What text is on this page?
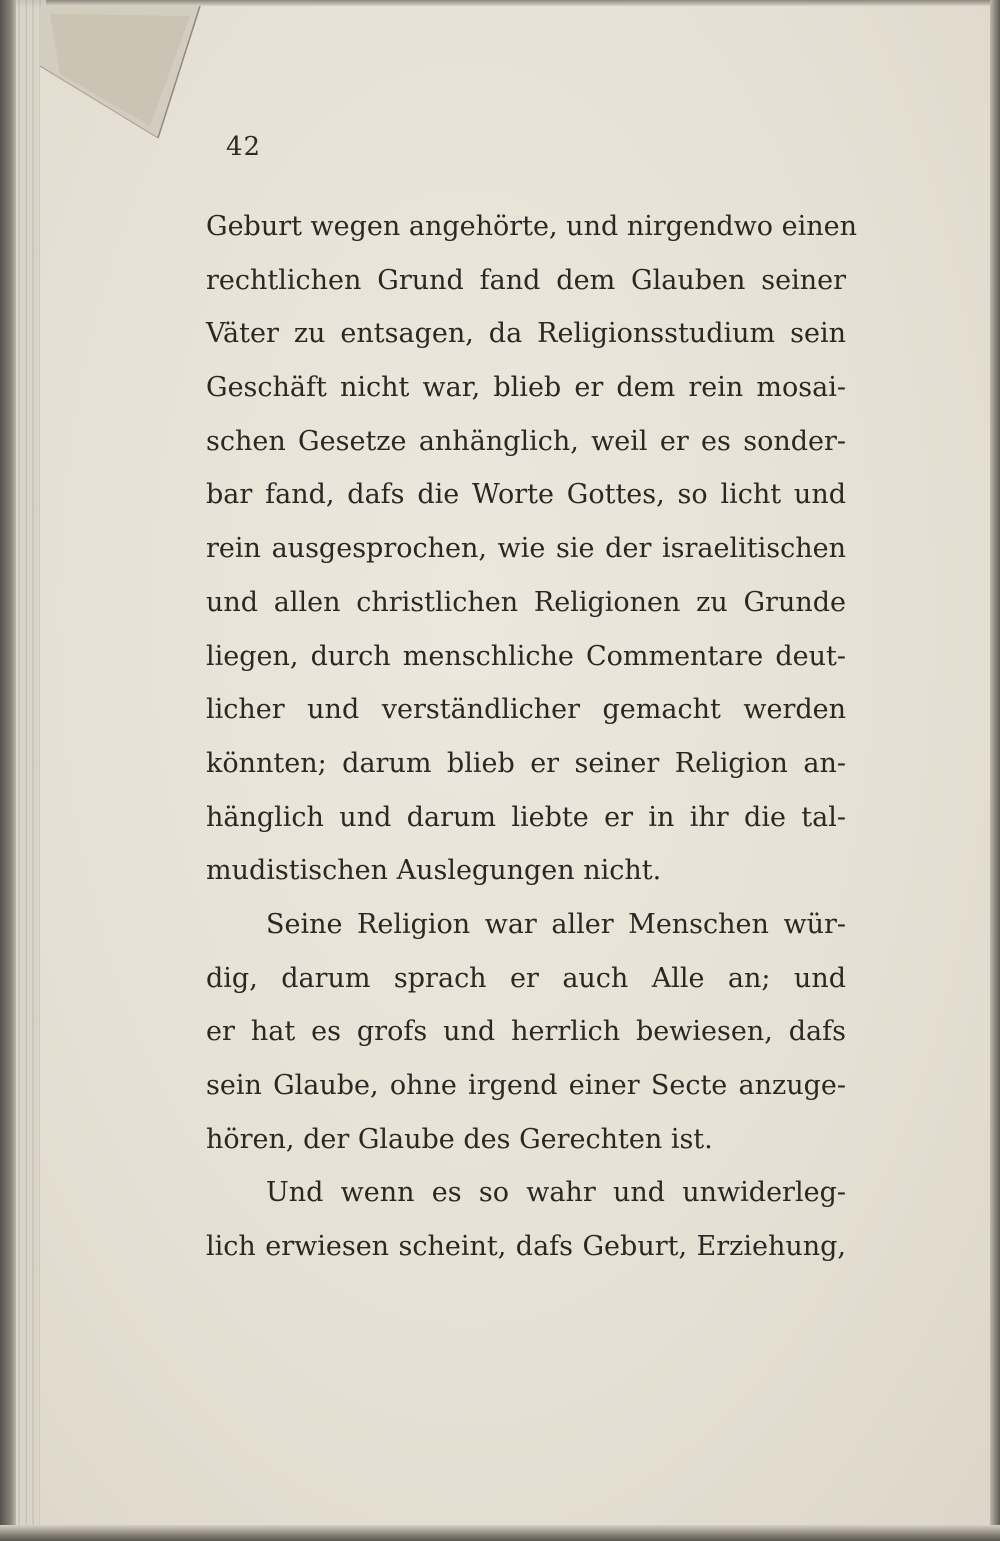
42
Geburt wegen angehörte, und nirgendwo einen
rechtlichen Grund fand dem Glauben seiner
Väter zu entsagen, da Religionsstudium sein
Geschäft nicht war, blieb er dem rein mosai-
schen Gesetze anhänglich, weil er es sonder-
bar fand, dafs die Worte Gottes, so licht und
rein ausgesprochen, wie sie der israelitischen
und allen christlichen Religionen zu Grunde
liegen, durch menschliche Commentare deut-
licher und verständlicher gemacht werden
könnten; darum blieb er seiner Religion an-
hänglich und darum liebte er in ihr die tal-
mudistischen Auslegungen nicht.
Seine Religion war aller Menschen wür-
dig, darum sprach er auch Alle an; und
er hat es grofs und herrlich bewiesen, dafs
sein Glaube, ohne irgend einer Secte anzuge-
hören, der Glaube des Gerechten ist.
Und wenn es so wahr und unwiderleg-
lich erwiesen scheint, dafs Geburt, Erziehung,
